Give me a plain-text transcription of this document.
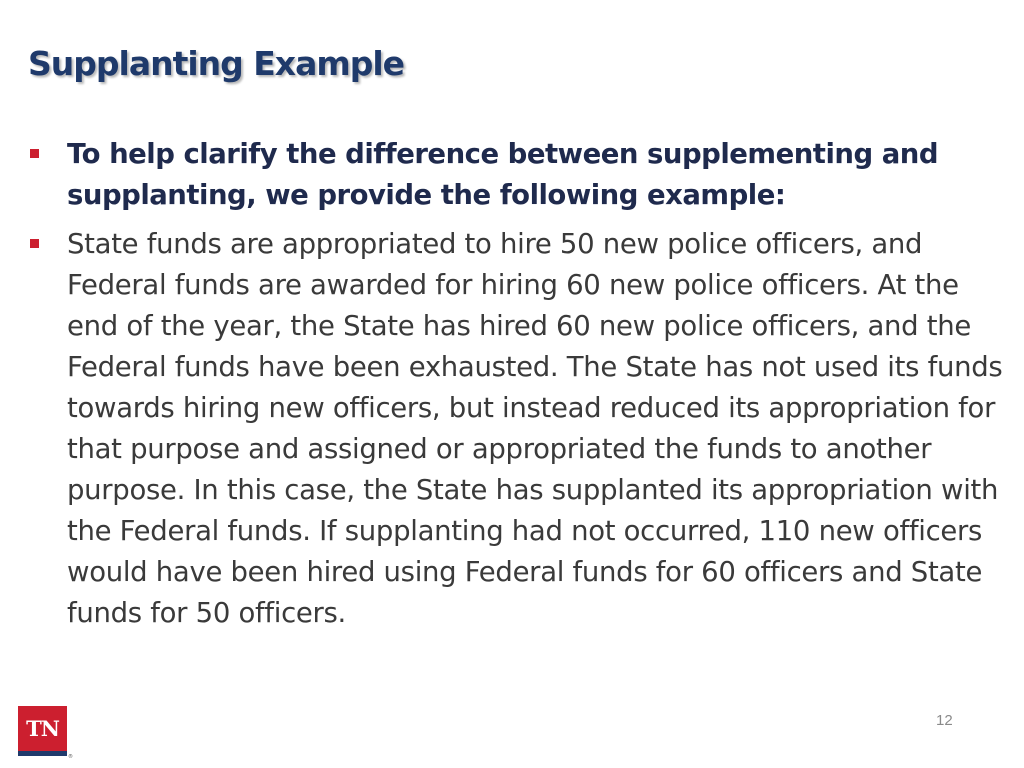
Supplanting Example
To help clarify the difference between supplementing and supplanting, we provide the following example:
State funds are appropriated to hire 50 new police officers, and Federal funds are awarded for hiring 60 new police officers. At the end of the year, the State has hired 60 new police officers, and the Federal funds have been exhausted. The State has not used its funds towards hiring new officers, but instead reduced its appropriation for that purpose and assigned or appropriated the funds to another purpose. In this case, the State has supplanted its appropriation with the Federal funds. If supplanting had not occurred, 110 new officers would have been hired using Federal funds for 60 officers and State funds for 50 officers.
TN
®
12
